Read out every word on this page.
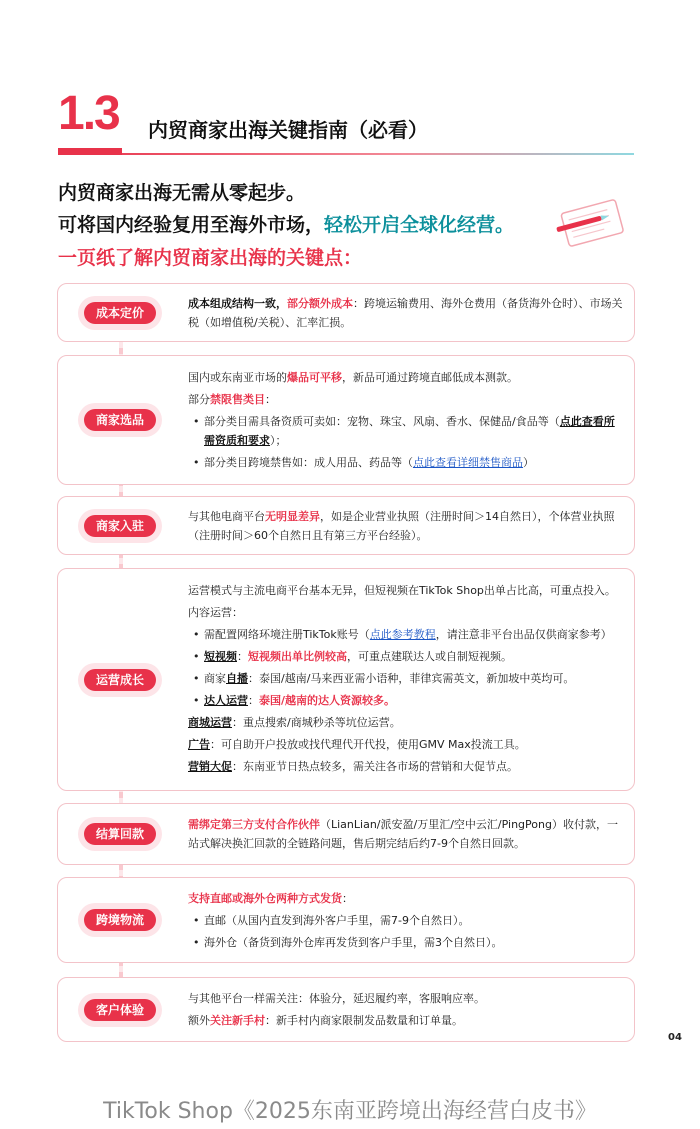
1.3 内贸商家出海关键指南（必看）
内贸商家出海无需从零起步。
可将国内经验复用至海外市场，轻松开启全球化经营。
一页纸了解内贸商家出海的关键点：
成本定价

成本组成结构一致，部分额外成本：跨境运输费用、海外仓费用（备货海外仓时）、市场关税（如增值税/关税）、汇率汇损。

商家选品

国内或东南亚市场的爆品可平移，新品可通过跨境直邮低成本测款。

部分禁限售类目：

• 部分类目需具备资质可卖如：宠物、珠宝、风扇、香水、保健品/食品等（点此查看所需资质和要求）；

• 部分类目跨境禁售如：成人用品、药品等（点此查看详细禁售商品）

商家入驻

与其他电商平台无明显差异，如是企业营业执照（注册时间＞14自然日），个体营业执照（注册时间＞60个自然日且有第三方平台经验）。

运营成长

运营模式与主流电商平台基本无异，但短视频在TikTok Shop出单占比高，可重点投入。

内容运营：

• 需配置网络环境注册TikTok账号（点此参考教程，请注意非平台出品仅供商家参考）

• 短视频：短视频出单比例较高，可重点建联达人或自制短视频。

• 商家自播：泰国/越南/马来西亚需小语种，菲律宾需英文，新加坡中英均可。

• 达人运营：泰国/越南的达人资源较多。

商城运营：重点搜索/商城秒杀等坑位运营。

广告：可自助开户投放或找代理代开代投，使用GMV Max投流工具。

营销大促：东南亚节日热点较多，需关注各市场的营销和大促节点。

结算回款

需绑定第三方支付合作伙伴（LianLian/派安盈/万里汇/空中云汇/PingPong）收付款，一站式解决换汇回款的全链路问题，售后期完结后约7-9个自然日回款。

跨境物流

支持直邮或海外仓两种方式发货：

• 直邮（从国内直发到海外客户手里，需7-9个自然日）。

• 海外仓（备货到海外仓库再发货到客户手里，需3个自然日）。

客户体验

与其他平台一样需关注：体验分，延迟履约率，客服响应率。

额外关注新手村：新手村内商家限制发品数量和订单量。

04
TikTok Shop《2025东南亚跨境出海经营白皮书》
